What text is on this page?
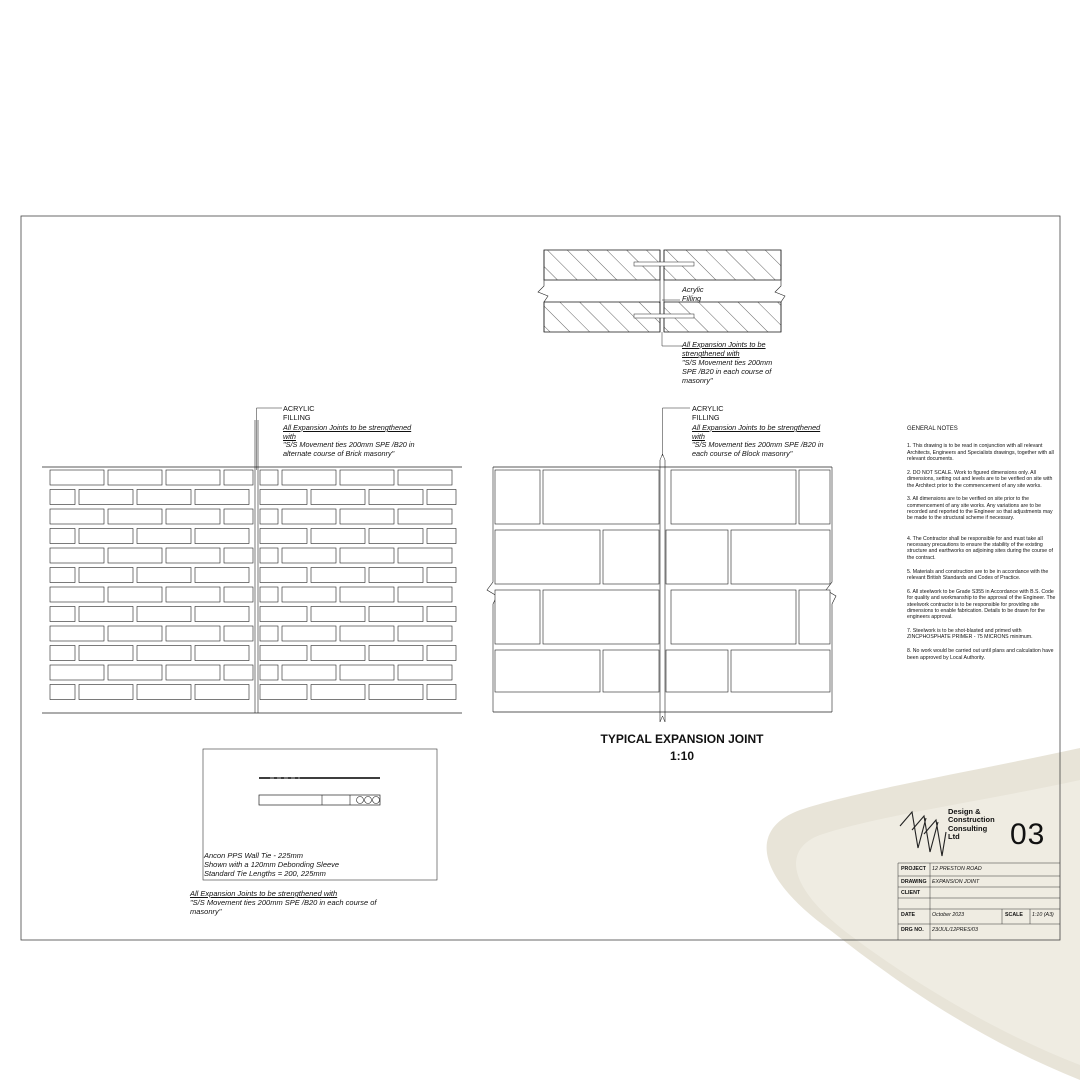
Acrylic
Filling
All Expansion Joints to be
strengthened with
"S/S Movement ties 200mm
SPE /B20 in each course of
masonry"
ACRYLIC
FILLING
All Expansion Joints to be strengthened
with
"S/S Movement ties 200mm SPE /B20 in
alternate course of Brick masonry"
ACRYLIC
FILLING
All Expansion Joints to be strengthened
with
"S/S Movement ties 200mm SPE /B20 in
each course of Block masonry"
TYPICAL EXPANSION JOINT
1:10
Ancon PPS Wall Tie - 225mm
Shown with a 120mm Debonding Sleeve
Standard Tie Lengths = 200, 225mm
All Expansion Joints to be strengthened with
"S/S Movement ties 200mm SPE /B20 in each course of
masonry"
GENERAL NOTES
1. This drawing is to be read in conjunction with all relevant Architects, Engineers and Specialists drawings, together with all relevant documents.
2. DO NOT SCALE. Work to figured dimensions only. All dimensions, setting out and levels are to be verified on site with the Architect prior to the commencement of any site works.
3. All dimensions are to be verified on site prior to the commencement of any site works. Any variations are to be recorded and reported to the Engineer so that adjustments may be made to the structural scheme if necessary.
4. The Contractor shall be responsible for and must take all necessary precautions to ensure the stability of the existing structure and earthworks on adjoining sites during the course of the contract.
5. Materials and construction are to be in accordance with the relevant British Standards and Codes of Practice.
6. All steelwork to be Grade S355 in Accordance with B.S. Code for quality and workmanship to the approval of the Engineer. The steelwork contractor is to be responsible for providing site dimensions to enable fabrication. Details to be drawn for the engineers approval.
7. Steelwork is to be shot-blasted and primed with ZINCPHOSPHATE PRIMER - 75 MICRONS minimum.
8. No work would be carried out until plans and calculation have been approved by Local Authority.
Design &
Construction
Consulting
Ltd	03
PROJECT 12 PRESTON ROAD
DRAWING EXPANSION JOINT
CLIENT
DATE	October 2023	SCALE 1:10 (A3)
DRG NO. 23/JUL/12PRES/03
